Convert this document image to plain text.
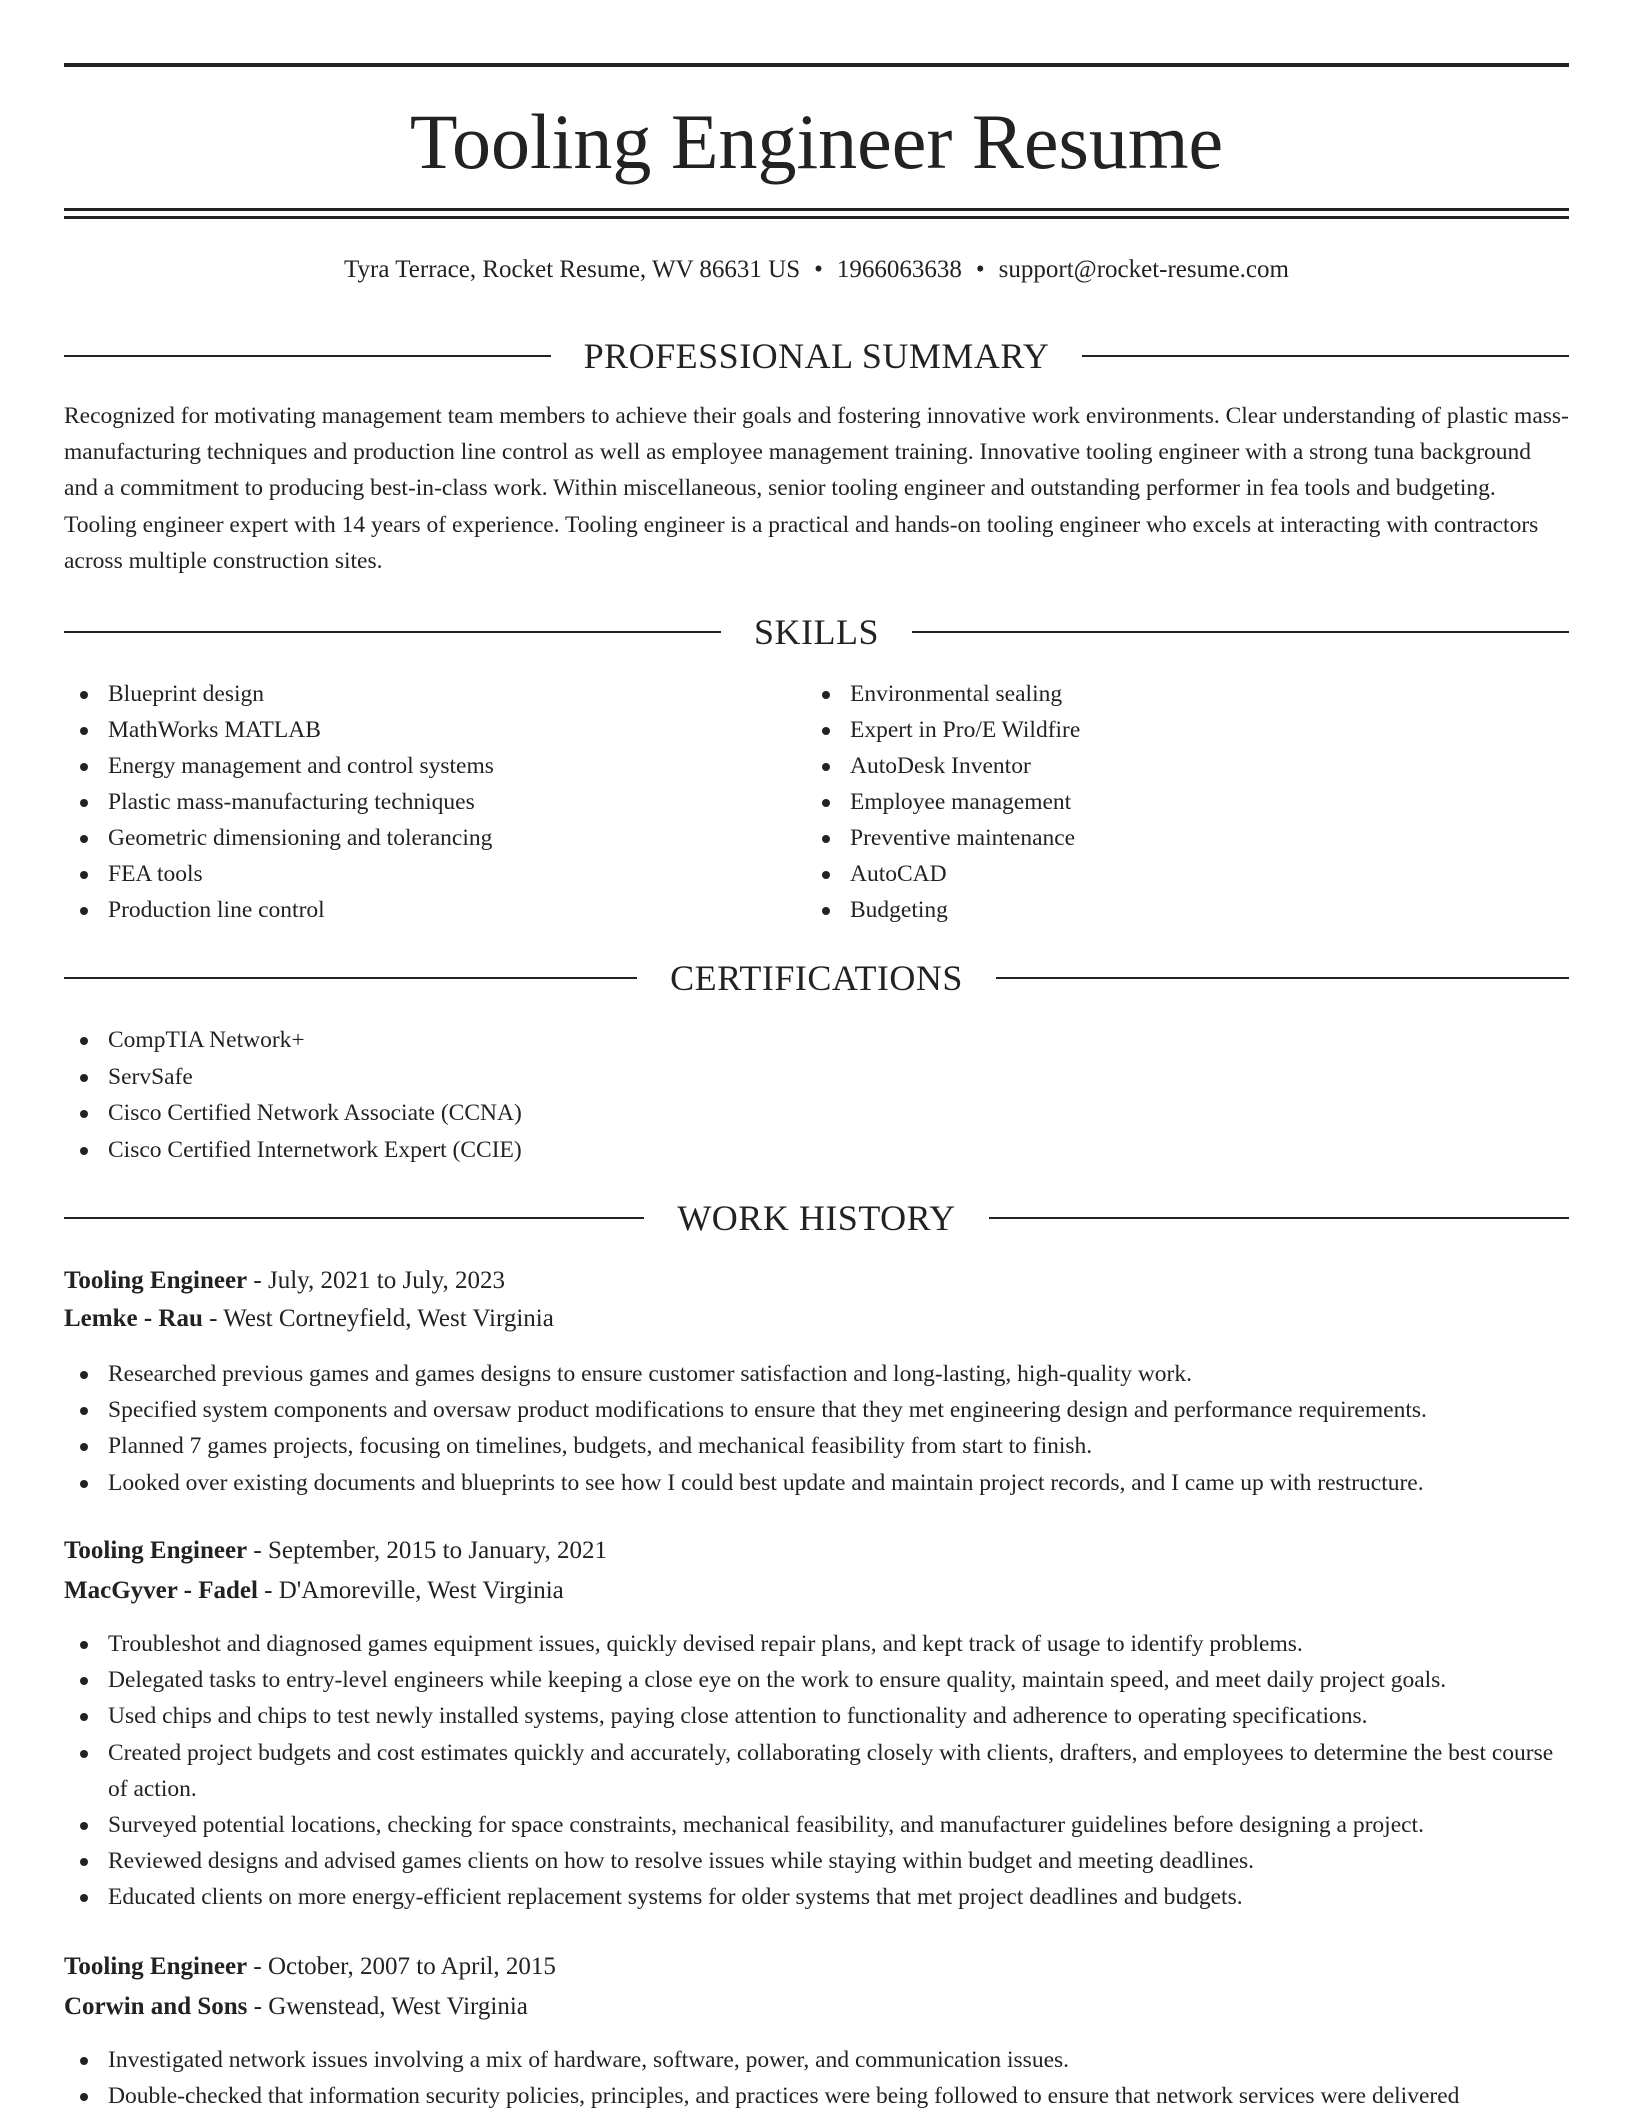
Tooling Engineer Resume
Tyra Terrace, Rocket Resume, WV 86631 US • 1966063638 • support@rocket-resume.com
PROFESSIONAL SUMMARY

Recognized for motivating management team members to achieve their goals and fostering innovative work environments. Clear understanding of plastic mass-manufacturing techniques and production line control as well as employee management training. Innovative tooling engineer with a strong tuna background and a commitment to producing best-in-class work. Within miscellaneous, senior tooling engineer and outstanding performer in fea tools and budgeting. Tooling engineer expert with 14 years of experience. Tooling engineer is a practical and hands-on tooling engineer who excels at interacting with contractors across multiple construction sites.

SKILLS
Blueprint design
MathWorks MATLAB
Energy management and control systems
Plastic mass-manufacturing techniques
Geometric dimensioning and tolerancing
FEA tools
Production line control
Environmental sealing
Expert in Pro/E Wildfire
AutoDesk Inventor
Employee management
Preventive maintenance
AutoCAD
Budgeting
CERTIFICATIONS
CompTIA Network+
ServSafe
Cisco Certified Network Associate (CCNA)
Cisco Certified Internetwork Expert (CCIE)
WORK HISTORY
Tooling Engineer - July, 2021 to July, 2023
Lemke - Rau - West Cortneyfield, West Virginia
Researched previous games and games designs to ensure customer satisfaction and long-lasting, high-quality work.
Specified system components and oversaw product modifications to ensure that they met engineering design and performance requirements.
Planned 7 games projects, focusing on timelines, budgets, and mechanical feasibility from start to finish.
Looked over existing documents and blueprints to see how I could best update and maintain project records, and I came up with restructure.
Tooling Engineer - September, 2015 to January, 2021
MacGyver - Fadel - D'Amoreville, West Virginia
Troubleshot and diagnosed games equipment issues, quickly devised repair plans, and kept track of usage to identify problems.
Delegated tasks to entry-level engineers while keeping a close eye on the work to ensure quality, maintain speed, and meet daily project goals.
Used chips and chips to test newly installed systems, paying close attention to functionality and adherence to operating specifications.
Created project budgets and cost estimates quickly and accurately, collaborating closely with clients, drafters, and employees to determine the best course of action.
Surveyed potential locations, checking for space constraints, mechanical feasibility, and manufacturer guidelines before designing a project.
Reviewed designs and advised games clients on how to resolve issues while staying within budget and meeting deadlines.
Educated clients on more energy-efficient replacement systems for older systems that met project deadlines and budgets.
Tooling Engineer - October, 2007 to April, 2015
Corwin and Sons - Gwenstead, West Virginia
Investigated network issues involving a mix of hardware, software, power, and communication issues.
Double-checked that information security policies, principles, and practices were being followed to ensure that network services were delivered
